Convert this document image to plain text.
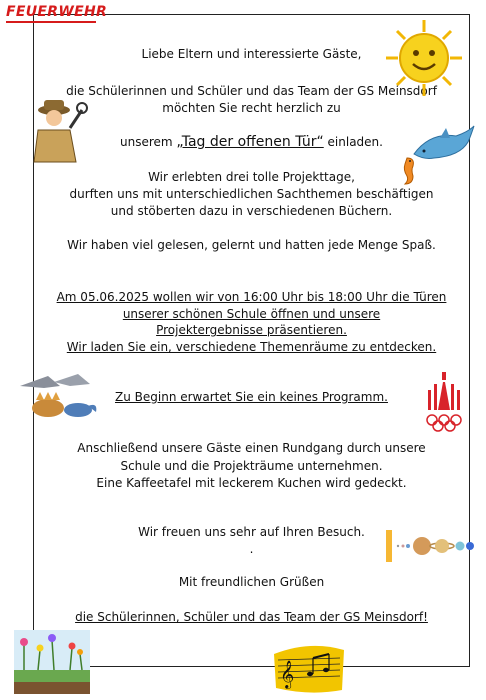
FEUERWEHR
Liebe Eltern und interessierte Gäste,
die Schülerinnen und Schüler und das Team der GS Meinsdorf
möchten Sie recht herzlich zu
unserem „Tag der offenen Tür“ einladen.
Wir erlebten drei tolle Projekttage,
durften uns mit unterschiedlichen Sachthemen beschäftigen
und stöberten dazu in verschiedenen Büchern.
Wir haben viel gelesen, gelernt und hatten jede Menge Spaß.
Am 05.06.2025 wollen wir von 16:00 Uhr bis 18:00 Uhr die Türen
unserer schönen Schule öffnen und unsere
Projektergebnisse präsentieren.
Wir laden Sie ein, verschiedene Themenräume zu entdecken.
Zu Beginn erwartet Sie ein keines Programm.
Anschließend unsere Gäste einen Rundgang durch unsere
Schule und die Projekträume unternehmen.
Eine Kaffeetafel mit leckerem Kuchen wird gedeckt.
Wir freuen uns sehr auf Ihren Besuch.
.
Mit freundlichen Grüßen
die Schülerinnen, Schüler und das Team der GS Meinsdorf!
𝄞
